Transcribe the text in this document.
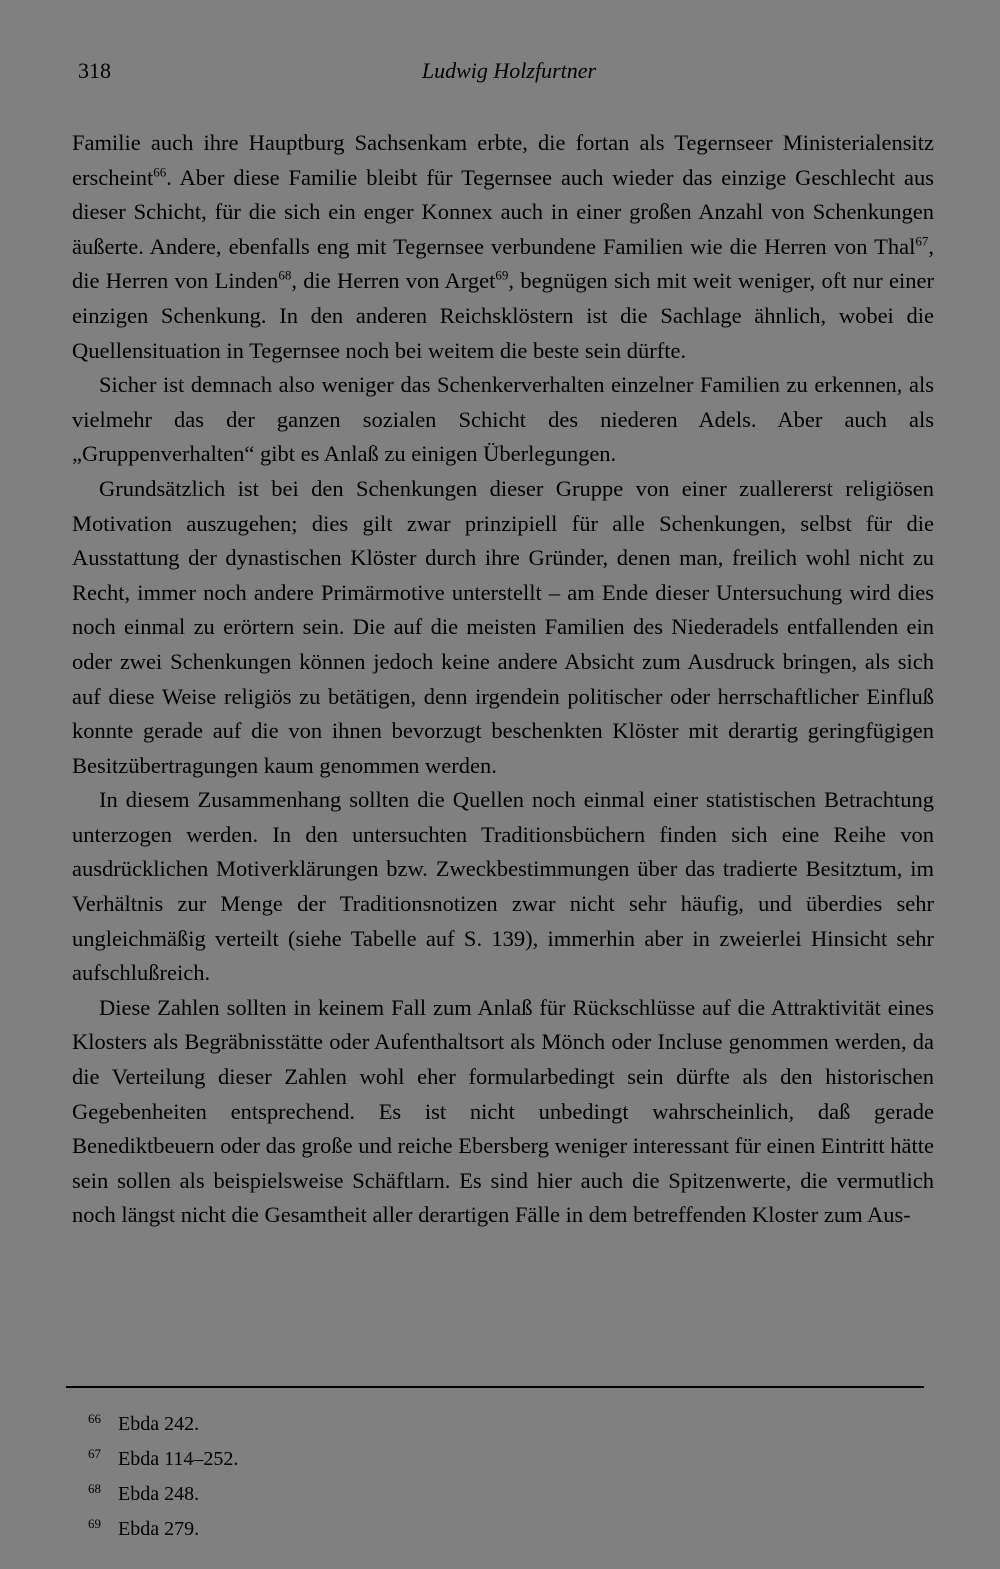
318	Ludwig Holzfurtner

Familie auch ihre Hauptburg Sachsenkam erbte, die fortan als Tegernseer Ministerialensitz erscheint$^{66}$. Aber diese Familie bleibt für Tegernsee auch wieder das einzige Geschlecht aus dieser Schicht, für die sich ein enger Konnex auch in einer großen Anzahl von Schenkungen äußerte. Andere, ebenfalls eng mit Tegernsee verbundene Familien wie die Herren von Thal$^{67}$, die Herren von Linden$^{68}$, die Herren von Arget$^{69}$, begnügen sich mit weit weniger, oft nur einer einzigen Schenkung. In den anderen Reichsklöstern ist die Sachlage ähnlich, wobei die Quellensituation in Tegernsee noch bei weitem die beste sein dürfte.

Sicher ist demnach also weniger das Schenkerverhalten einzelner Familien zu erkennen, als vielmehr das der ganzen sozialen Schicht des niederen Adels. Aber auch als „Gruppenverhalten“ gibt es Anlaß zu einigen Überlegungen.

Grundsätzlich ist bei den Schenkungen dieser Gruppe von einer zuallererst religiösen Motivation auszugehen; dies gilt zwar prinzipiell für alle Schenkungen, selbst für die Ausstattung der dynastischen Klöster durch ihre Gründer, denen man, freilich wohl nicht zu Recht, immer noch andere Primärmotive unterstellt – am Ende dieser Untersuchung wird dies noch einmal zu erörtern sein. Die auf die meisten Familien des Niederadels entfallenden ein oder zwei Schenkungen können jedoch keine andere Absicht zum Ausdruck bringen, als sich auf diese Weise religiös zu betätigen, denn irgendein politischer oder herrschaftlicher Einfluß konnte gerade auf die von ihnen bevorzugt beschenkten Klöster mit derartig geringfügigen Besitzübertragungen kaum genommen werden.

In diesem Zusammenhang sollten die Quellen noch einmal einer statistischen Betrachtung unterzogen werden. In den untersuchten Traditionsbüchern finden sich eine Reihe von ausdrücklichen Motiverklärungen bzw. Zweckbestimmungen über das tradierte Besitztum, im Verhältnis zur Menge der Traditionsnotizen zwar nicht sehr häufig, und überdies sehr ungleichmäßig verteilt (siehe Tabelle auf S. 139), immerhin aber in zweierlei Hinsicht sehr aufschlußreich.

Diese Zahlen sollten in keinem Fall zum Anlaß für Rückschlüsse auf die Attraktivität eines Klosters als Begräbnisstätte oder Aufenthaltsort als Mönch oder Incluse genommen werden, da die Verteilung dieser Zahlen wohl eher formularbedingt sein dürfte als den historischen Gegebenheiten entsprechend. Es ist nicht unbedingt wahrscheinlich, daß gerade Benediktbeuern oder das große und reiche Ebersberg weniger interessant für einen Eintritt hätte sein sollen als beispielsweise Schäftlarn. Es sind hier auch die Spitzenwerte, die vermutlich noch längst nicht die Gesamtheit aller derartigen Fälle in dem betreffenden Kloster zum Aus-

66 Ebda 242.
67 Ebda 114–252.
68 Ebda 248.
69 Ebda 279.
